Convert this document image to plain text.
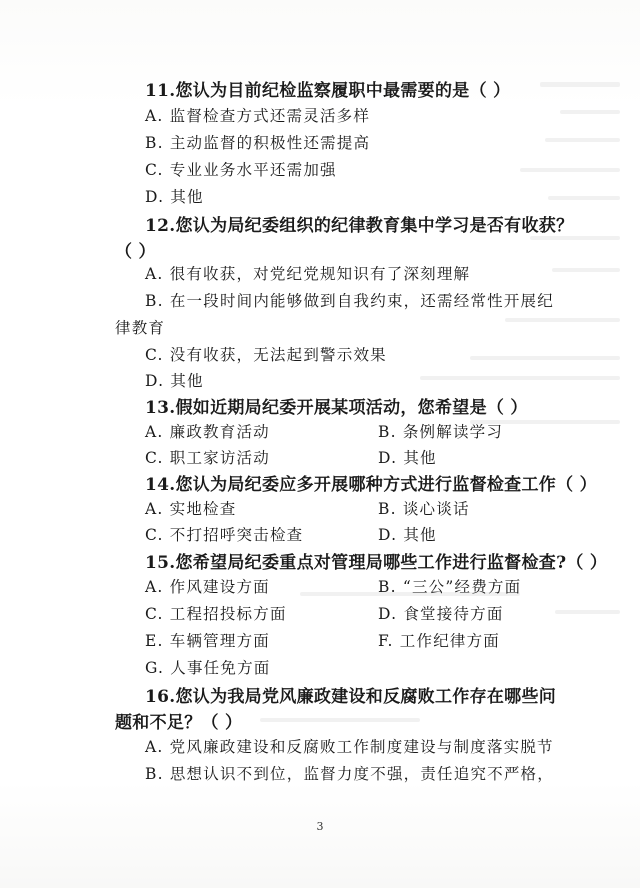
11.您认为目前纪检监察履职中最需要的是（ ）
A. 监督检查方式还需灵活多样
B. 主动监督的积极性还需提高
C. 专业业务水平还需加强
D. 其他
12.您认为局纪委组织的纪律教育集中学习是否有收获？
（ ）
A. 很有收获，对党纪党规知识有了深刻理解
B. 在一段时间内能够做到自我约束，还需经常性开展纪
律教育
C. 没有收获，无法起到警示效果
D. 其他
13.假如近期局纪委开展某项活动，您希望是（ ）
A. 廉政教育活动	B. 条例解读学习
C. 职工家访活动	D. 其他
14.您认为局纪委应多开展哪种方式进行监督检查工作（ ）
A. 实地检查	B. 谈心谈话
C. 不打招呼突击检查	D. 其他
15.您希望局纪委重点对管理局哪些工作进行监督检查?（ ）
A. 作风建设方面	B. “三公”经费方面
C. 工程招投标方面	D. 食堂接待方面
E. 车辆管理方面	F. 工作纪律方面
G. 人事任免方面
16.您认为我局党风廉政建设和反腐败工作存在哪些问
题和不足？（ ）
A. 党风廉政建设和反腐败工作制度建设与制度落实脱节
B. 思想认识不到位，监督力度不强，责任追究不严格，
3
